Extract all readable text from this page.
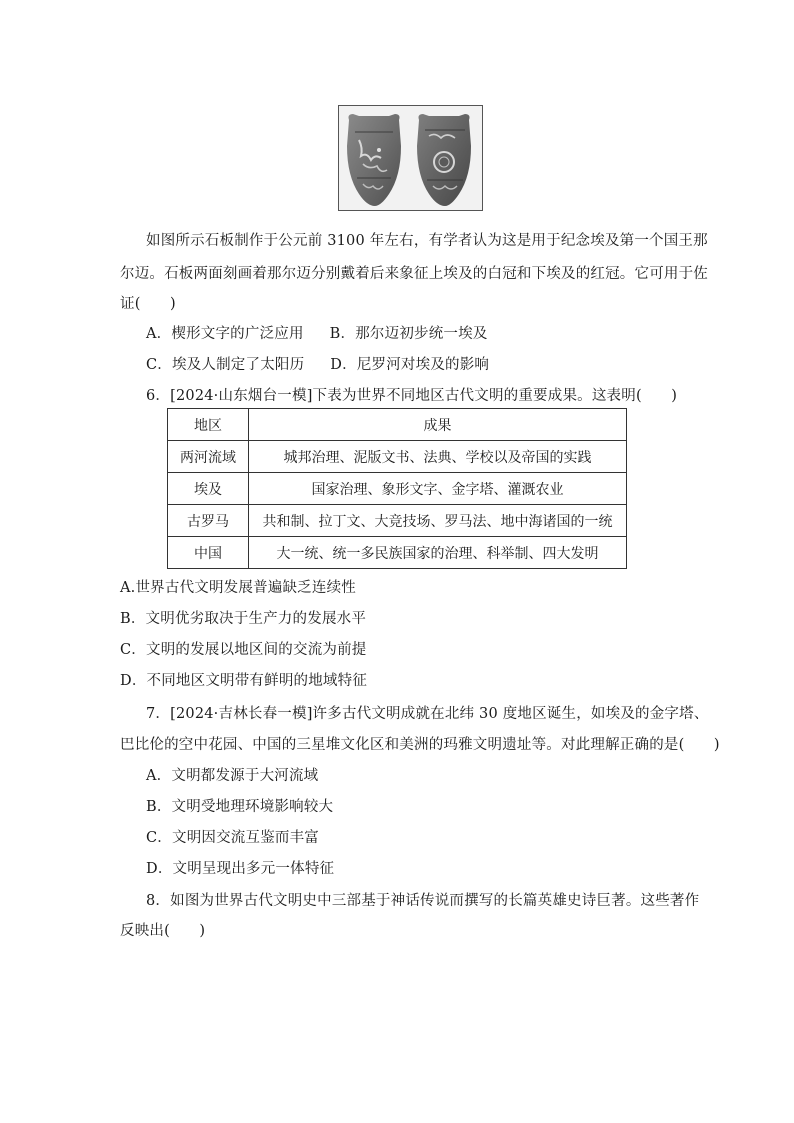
如图所示石板制作于公元前 3100 年左右，有学者认为这是用于纪念埃及第一个国王那
尔迈。石板两面刻画着那尔迈分别戴着后来象征上埃及的白冠和下埃及的红冠。它可用于佐
证(　　)
A．楔形文字的广泛应用 B．那尔迈初步统一埃及
C．埃及人制定了太阳历 D．尼罗河对埃及的影响
6．[2024·山东烟台一模]下表为世界不同地区古代文明的重要成果。这表明(　　)
地区	成果
两河流域	城邦治理、泥版文书、法典、学校以及帝国的实践
埃及	国家治理、象形文字、金字塔、灌溉农业
古罗马	共和制、拉丁文、大竞技场、罗马法、地中海诸国的一统
中国	大一统、统一多民族国家的治理、科举制、四大发明
A.世界古代文明发展普遍缺乏连续性
B．文明优劣取决于生产力的发展水平
C．文明的发展以地区间的交流为前提
D．不同地区文明带有鲜明的地域特征
7．[2024·吉林长春一模]许多古代文明成就在北纬 30 度地区诞生，如埃及的金字塔、
巴比伦的空中花园、中国的三星堆文化区和美洲的玛雅文明遗址等。对此理解正确的是(　　)
A．文明都发源于大河流域
B．文明受地理环境影响较大
C．文明因交流互鉴而丰富
D．文明呈现出多元一体特征
8．如图为世界古代文明史中三部基于神话传说而撰写的长篇英雄史诗巨著。这些著作
反映出(　　)
